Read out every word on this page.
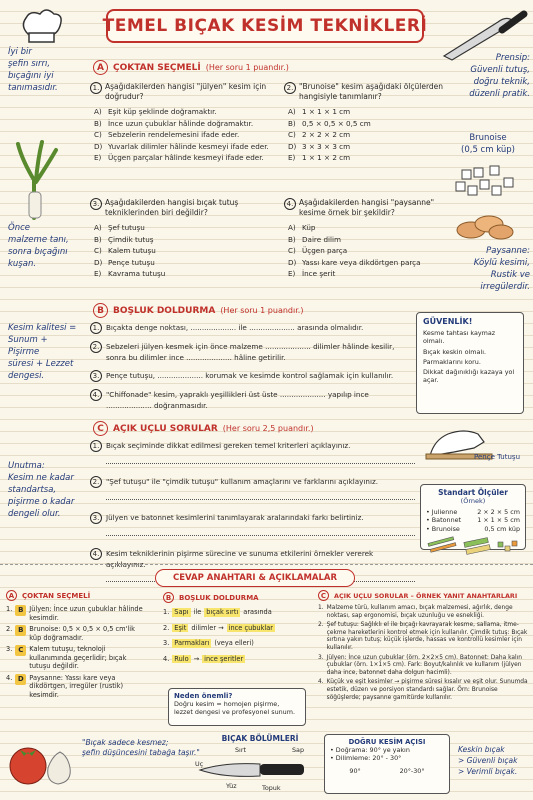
TEMEL BIÇAK KESİM TEKNİKLERİ
İyi bir
şefin sırrı,
bıçağını iyi
tanımasıdır.
Önce
malzeme tanı,
sonra bıçağını
kuşan.
Kesim kalitesi =
Sunum + Pişirme
süresi + Lezzet
dengesi.
Unutma:
Kesim ne kadar
standartsa,
pişirme o kadar
dengeli olur.
Prensip:
Güvenli tutuş,
doğru teknik,
düzenli pratik.
Brunoise
(0,5 cm küp)
Paysanne:
Köylü kesimi,
Rustik ve
irregülerdir.
A	ÇOKTAN SEÇMELİ (Her soru 1 puandır.)
1. Aşağıdakilerden hangisi "jülyen" kesim için doğrudur?
A) Eşit küp şeklinde doğramaktır.
B) İnce uzun çubuklar hâlinde doğramaktır.
C) Sebzelerin rendelemesini ifade eder.
D) Yuvarlak dilimler hâlinde kesmeyi ifade eder.
E) Üçgen parçalar hâlinde kesmeyi ifade eder.
2. "Brunoise" kesim aşağıdaki ölçülerden hangisiyle tanımlanır?
A) 1 × 1 × 1 cm
B) 0,5 × 0,5 × 0,5 cm
C) 2 × 2 × 2 cm
D) 3 × 3 × 3 cm
E) 1 × 1 × 2 cm
3. Aşağıdakilerden hangisi bıçak tutuş tekniklerinden biri değildir?
A) Şef tutuşu
B) Çimdik tutuş
C) Kalem tutuşu
D) Pençe tutuşu
E) Kavrama tutuşu
4. Aşağıdakilerden hangisi "paysanne" kesime örnek bir şekildir?
A) Küp
B) Daire dilim
C) Üçgen parça
D) Yassı kare veya dikdörtgen parça
E) İnce şerit
B	BOŞLUK DOLDURMA (Her soru 1 puandır.)
1. Bıçakta denge noktası, .................... ile .................... arasında olmalıdır.
2. Sebzeleri jülyen kesmek için önce malzeme .................... dilimler hâlinde kesilir, sonra bu dilimler ince .................... hâline getirilir.
3. Pençe tutuşu, .................... korumak ve kesimde kontrol sağlamak için kullanılır.
4. "Chiffonade" kesim, yapraklı yeşillikleri üst üste .................... yapılıp ince .................... doğranmasıdır.
GÜVENLİK!
Kesme tahtası kaymaz olmalı.
Bıçak keskin olmalı.
Parmaklarını koru.
Dikkat dağınıklığı kazaya yol açar.
C	AÇIK UÇLU SORULAR (Her soru 2,5 puandır.)
1. Bıçak seçiminde dikkat edilmesi gereken temel kriterleri açıklayınız.
2. "Şef tutuşu" ile "çimdik tutuşu" kullanım amaçlarını ve farklarını açıklayınız.
3. Jülyen ve batonnet kesimlerini tanımlayarak aralarındaki farkı belirtiniz.
4. Kesim tekniklerinin pişirme sürecine ve sunuma etkilerini örnekler vererek açıklayınız.
Pençe Tutuşu
Standart Ölçüler
(Örnek)
• Julienne	2 × 2 × 5 cm
• Batonnet	1 × 1 × 5 cm
• Brunoise	0,5 cm küp
CEVAP ANAHTARI & AÇIKLAMALAR
A	ÇOKTAN SEÇMELİ
1. B Jülyen: İnce uzun çubuklar hâlinde kesimdir.
2. B Brunoise: 0,5 × 0,5 × 0,5 cm'lik küp doğramadır.
3. C Kalem tutuşu, teknoloji kullanımında geçerlidir; bıçak tutuşu değildir.
4. D Paysanne: Yassı kare veya dikdörtgen, irregüler (rustik) kesimdir.
B	BOŞLUK DOLDURMA
1. Sapı ile bıçak sırtı arasında
2. Eşit dilimler → ince çubuklar
3. Parmakları (veya elleri)
4. Rulo → ince şeritler
Neden önemli?
Doğru kesim = homojen pişirme, lezzet dengesi ve profesyonel sunum.
C	AÇIK UÇLU SORULAR – ÖRNEK YANIT ANAHTARLARI
1. Malzeme türü, kullanım amacı, bıçak malzemesi, ağırlık, denge noktası, sap ergonomisi, bıçak uzunluğu ve esnekliği.
2. Şef tutuşu: Sağlıklı el ile bıçağı kavrayarak kesme, sallama, itme-çekme hareketlerini kontrol etmek için kullanılır. Çimdik tutuş: Bıçak sırtına yakın tutuş; küçük işlerde, hassas ve kontrollü kesimler için kullanılır.
3. Jülyen: İnce uzun çubuklar (örn. 2×2×5 cm). Batonnet: Daha kalın çubuklar (örn. 1×1×5 cm). Fark: Boyut/kalınlık ve kullanım (jülyen daha ince, batonnet daha dolgun hacimli).
4. Küçük ve eşit kesimler → pişirme süresi kısalır ve eşit olur. Sunumda estetik, düzen ve porsiyon standardı sağlar. Örn: Brunoise söğüşlerde; paysanne garnitürde kullanılır.
"Bıçak sadece kesmez;
şefin düşüncesini tabağa taşır."
BIÇAK BÖLÜMLERİ
Sırt	Sap
Uç
Yüz	Topuk
DOĞRU KESİM AÇISI
• Doğrama: 90° ye yakın
• Dilimleme: 20° - 30°
90°	20°-30°
Keskin bıçak
> Güvenli bıçak
> Verimli bıçak.
